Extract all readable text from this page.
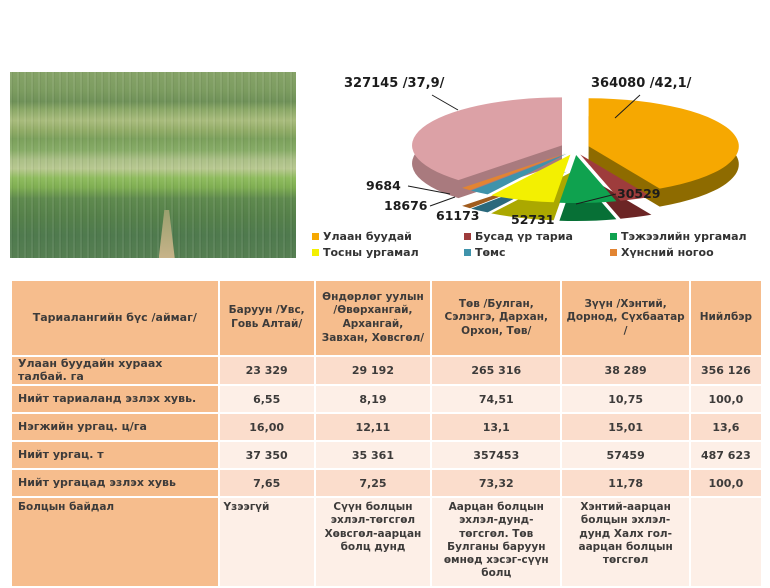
327145 /37,9/	364080 /42,1/
9684
18676
61173	52731
30529
Улаан буудай	Бусад үр тариа	Тэжээлийн ургамал
Тосны ургамал	Төмс	Хүнсний ногоо
Тариалангийн бүс /аймаг/	Баруун /Увс, Говь Алтай/	Өндөрлөг уулын /Өвөрхангай, Архангай, Завхан, Хөвсгөл/	Төв /Булган, Сэлэнгэ, Дархан, Орхон, Төв/	Зүүн /Хэнтий, Дорнод, Сүхбаатар /	Нийлбэр
Улаан буудайн хураах талбай. га	23 329	29 192	265 316	38 289	356 126
Нийт тариаланд эзлэх хувь.	6,55	8,19	74,51	10,75	100,0
Нэгжийн ургац. ц/га	16,00	12,11	13,1	15,01	13,6
Нийт ургац. т	37 350	35 361	357453	57459	487 623
Нийт ургацад эзлэх хувь	7,65	7,25	73,32	11,78	100,0
Болцын байдал	Үзээгүй	Сүүн болцын эхлэл-төгсгөл Хөвсгөл-аарцан болц дунд	Аарцан болцын эхлэл-дунд-төгсгөл. Төв Булганы баруун өмнөд хэсэг-сүүн болц	Хэнтий-аарцан болцын эхлэл-дунд Халх гол-аарцан болцын төгсгөл	
